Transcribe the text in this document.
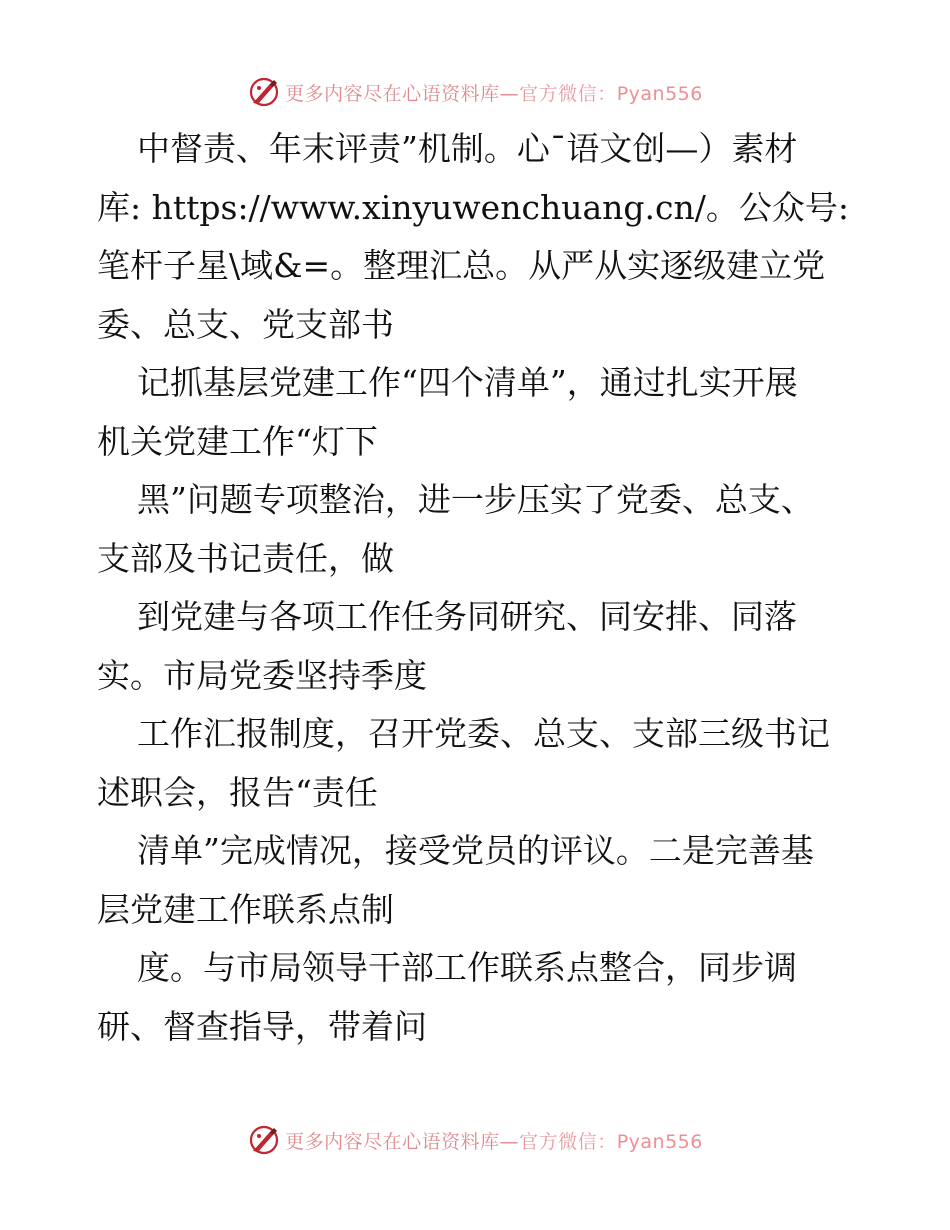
更多内容尽在心语资料库—官方微信：Pyan556
中督责、年末评责”机制。心¯语文创—）素材
库: https://www.xinyuwenchuang.cn/。公众号:
笔杆子星\域&=。整理汇总。从严从实逐级建立党
委、总支、党支部书
记抓基层党建工作“四个清单”，通过扎实开展
机关党建工作“灯下
黑”问题专项整治，进一步压实了党委、总支、
支部及书记责任，做
到党建与各项工作任务同研究、同安排、同落
实。市局党委坚持季度
工作汇报制度，召开党委、总支、支部三级书记
述职会，报告“责任
清单”完成情况，接受党员的评议。二是完善基
层党建工作联系点制
度。与市局领导干部工作联系点整合，同步调
研、督查指导，带着问
更多内容尽在心语资料库—官方微信：Pyan556
